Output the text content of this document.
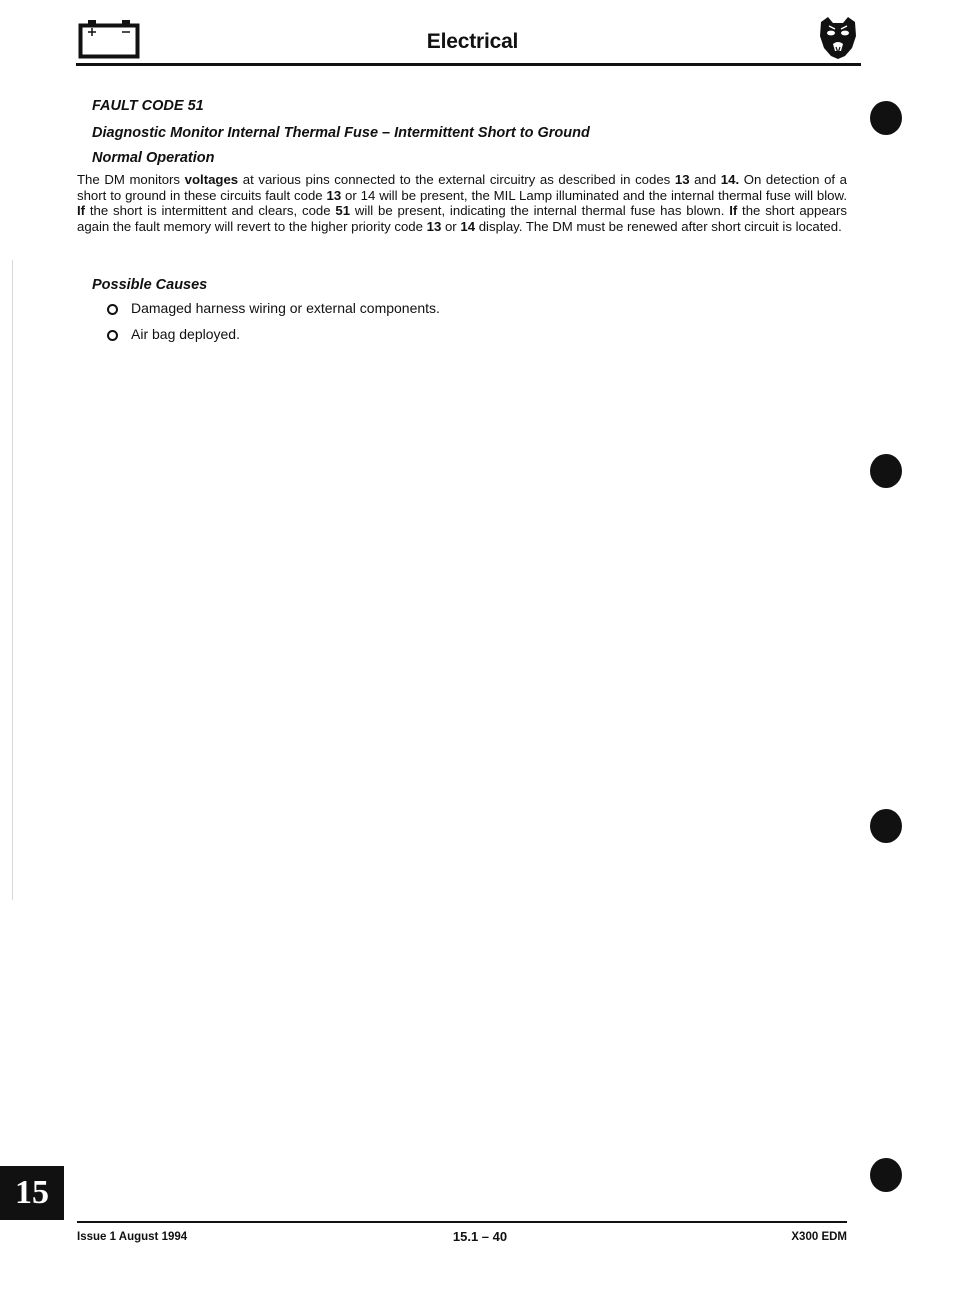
Electrical
FAULT CODE 51
Diagnostic Monitor Internal Thermal Fuse – Intermittent Short to Ground
Normal Operation
The DM monitors voltages at various pins connected to the external circuitry as described in codes 13 and 14. On detection of a short to ground in these circuits fault code 13 or 14 will be present, the MIL Lamp illuminated and the internal thermal fuse will blow. If the short is intermittent and clears, code 51 will be present, indicating the internal thermal fuse has blown. If the short appears again the fault memory will revert to the higher priority code 13 or 14 display. The DM must be renewed after short circuit is located.
Possible Causes
Damaged harness wiring or external components.
Air bag deployed.
15
Issue 1 August 1994	15.1 – 40	X300 EDM
